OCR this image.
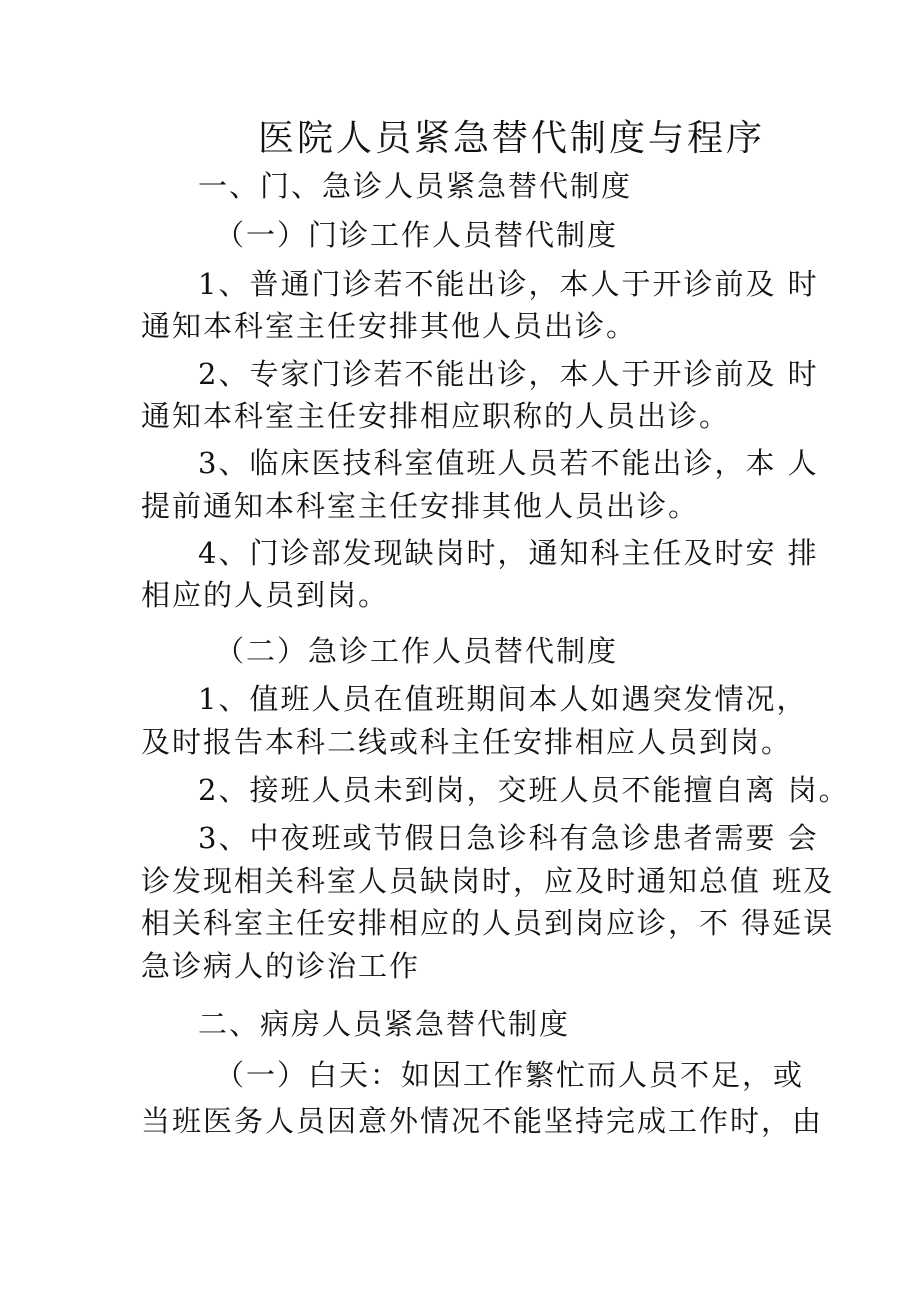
医院人员紧急替代制度与程序
一、门、急诊人员紧急替代制度
（一）门诊工作人员替代制度
1、普通门诊若不能出诊，本人于开诊前及 时
通知本科室主任安排其他人员出诊。
2、专家门诊若不能出诊，本人于开诊前及 时
通知本科室主任安排相应职称的人员出诊。
3、临床医技科室值班人员若不能出诊，本 人
提前通知本科室主任安排其他人员出诊。
4、门诊部发现缺岗时，通知科主任及时安 排
相应的人员到岗。
（二）急诊工作人员替代制度
1、值班人员在值班期间本人如遇突发情况，
及时报告本科二线或科主任安排相应人员到岗。
2、接班人员未到岗，交班人员不能擅自离 岗。
3、中夜班或节假日急诊科有急诊患者需要 会
诊发现相关科室人员缺岗时，应及时通知总值 班及
相关科室主任安排相应的人员到岗应诊，不 得延误
急诊病人的诊治工作
二、病房人员紧急替代制度
（一）白天：如因工作繁忙而人员不足，或
当班医务人员因意外情况不能坚持完成工作时，由
